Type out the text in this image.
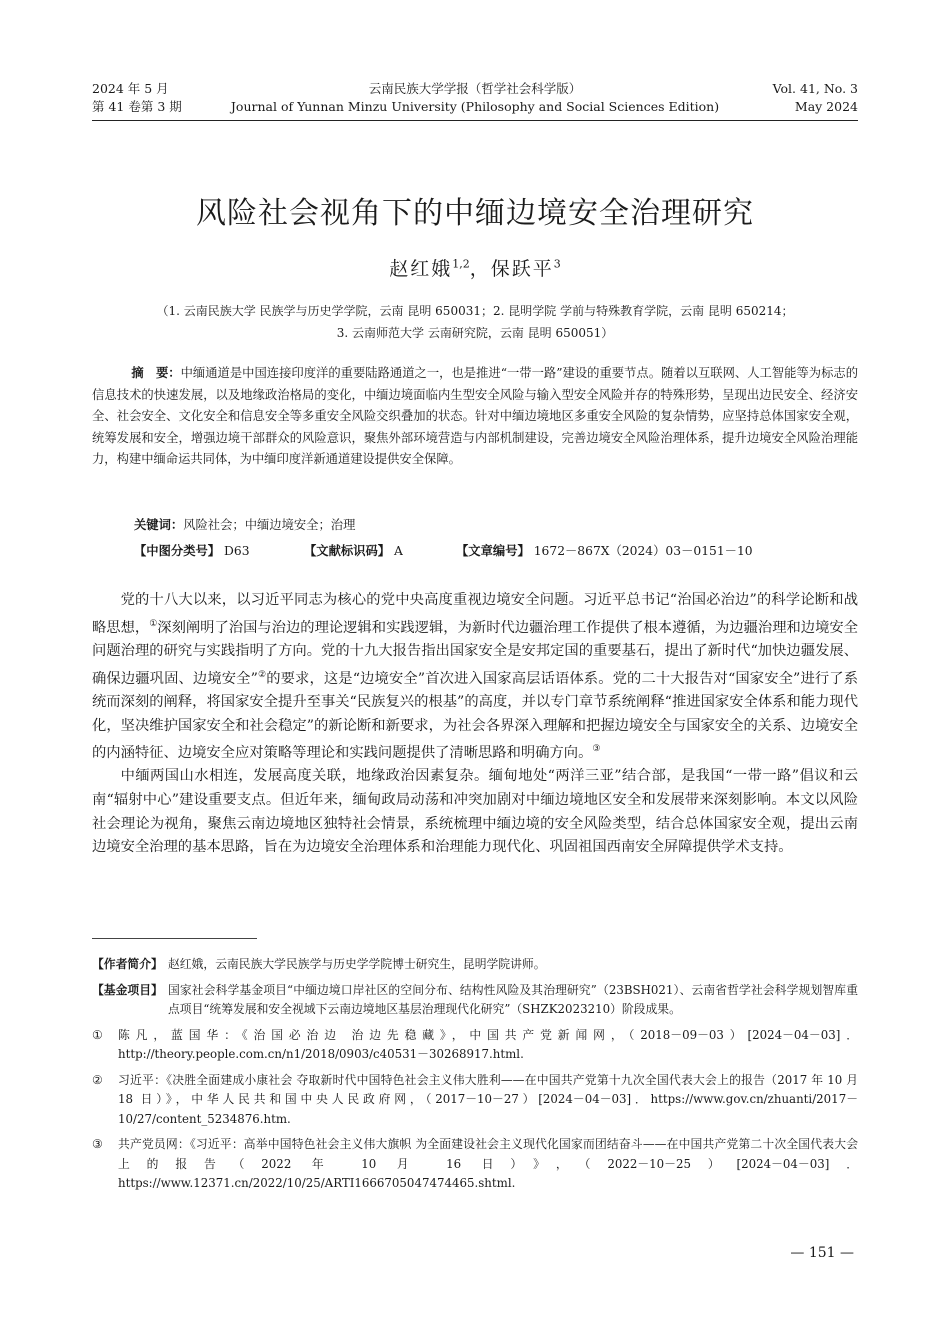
2024 年 5 月
第 41 卷第 3 期
云南民族大学学报（哲学社会科学版）
Journal of Yunnan Minzu University (Philosophy and Social Sciences Edition)
Vol. 41, No. 3
May 2024
风险社会视角下的中缅边境安全治理研究
赵红娥$^{1,2}$，保跃平$^3$
（1. 云南民族大学 民族学与历史学学院，云南 昆明 650031；2. 昆明学院 学前与特殊教育学院，云南 昆明 650214；
3. 云南师范大学 云南研究院，云南 昆明 650051）
摘　要：中缅通道是中国连接印度洋的重要陆路通道之一，也是推进“一带一路”建设的重要节点。随着以互联网、人工智能等为标志的信息技术的快速发展，以及地缘政治格局的变化，中缅边境面临内生型安全风险与输入型安全风险并存的特殊形势，呈现出边民安全、经济安全、社会安全、文化安全和信息安全等多重安全风险交织叠加的状态。针对中缅边境地区多重安全风险的复杂情势，应坚持总体国家安全观，统筹发展和安全，增强边境干部群众的风险意识，聚焦外部环境营造与内部机制建设，完善边境安全风险治理体系，提升边境安全风险治理能力，构建中缅命运共同体，为中缅印度洋新通道建设提供安全保障。
关键词：风险社会；中缅边境安全；治理
【中图分类号】 D63	【文献标识码】 A	【文章编号】 1672－867X（2024）03－0151－10

党的十八大以来，以习近平同志为核心的党中央高度重视边境安全问题。习近平总书记“治国必治边”的科学论断和战略思想，①深刻阐明了治国与治边的理论逻辑和实践逻辑，为新时代边疆治理工作提供了根本遵循，为边疆治理和边境安全问题治理的研究与实践指明了方向。党的十九大报告指出国家安全是安邦定国的重要基石，提出了新时代“加快边疆发展、确保边疆巩固、边境安全”②的要求，这是“边境安全”首次进入国家高层话语体系。党的二十大报告对“国家安全”进行了系统而深刻的阐释，将国家安全提升至事关“民族复兴的根基”的高度，并以专门章节系统阐释“推进国家安全体系和能力现代化，坚决维护国家安全和社会稳定”的新论断和新要求，为社会各界深入理解和把握边境安全与国家安全的关系、边境安全的内涵特征、边境安全应对策略等理论和实践问题提供了清晰思路和明确方向。③

中缅两国山水相连，发展高度关联，地缘政治因素复杂。缅甸地处“两洋三亚”结合部，是我国“一带一路”倡议和云南“辐射中心”建设重要支点。但近年来，缅甸政局动荡和冲突加剧对中缅边境地区安全和发展带来深刻影响。本文以风险社会理论为视角，聚焦云南边境地区独特社会情景，系统梳理中缅边境的安全风险类型，结合总体国家安全观，提出云南边境安全治理的基本思路，旨在为边境安全治理体系和治理能力现代化、巩固祖国西南安全屏障提供学术支持。

【作者简介】 赵红娥，云南民族大学民族学与历史学学院博士研究生，昆明学院讲师。
【基金项目】 国家社会科学基金项目“中缅边境口岸社区的空间分布、结构性风险及其治理研究”（23BSH021）、云南省哲学社会科学规划智库重点项目“统筹发展和安全视域下云南边境地区基层治理现代化研究”（SHZK2023210）阶段成果。
①	陈凡，蓝国华：《治国必治边 治边先稳藏》，中国共产党新闻网，（2018－09－03）[2024－04－03]．http://theory.people.com.cn/n1/2018/0903/c40531－30268917.html.
②	习近平：《决胜全面建成小康社会 夺取新时代中国特色社会主义伟大胜利——在中国共产党第十九次全国代表大会上的报告（2017 年 10 月 18 日）》，中华人民共和国中央人民政府网，（2017－10－27）[2024－04－03]．https://www.gov.cn/zhuanti/2017－10/27/content_5234876.htm.
③	共产党员网：《习近平：高举中国特色社会主义伟大旗帜 为全面建设社会主义现代化国家而团结奋斗——在中国共产党第二十次全国代表大会上的报告（2022 年 10 月 16 日）》，（2022－10－25）[2024－04－03]．https://www.12371.cn/2022/10/25/ARTI1666705047474465.shtml.
— 151 —
